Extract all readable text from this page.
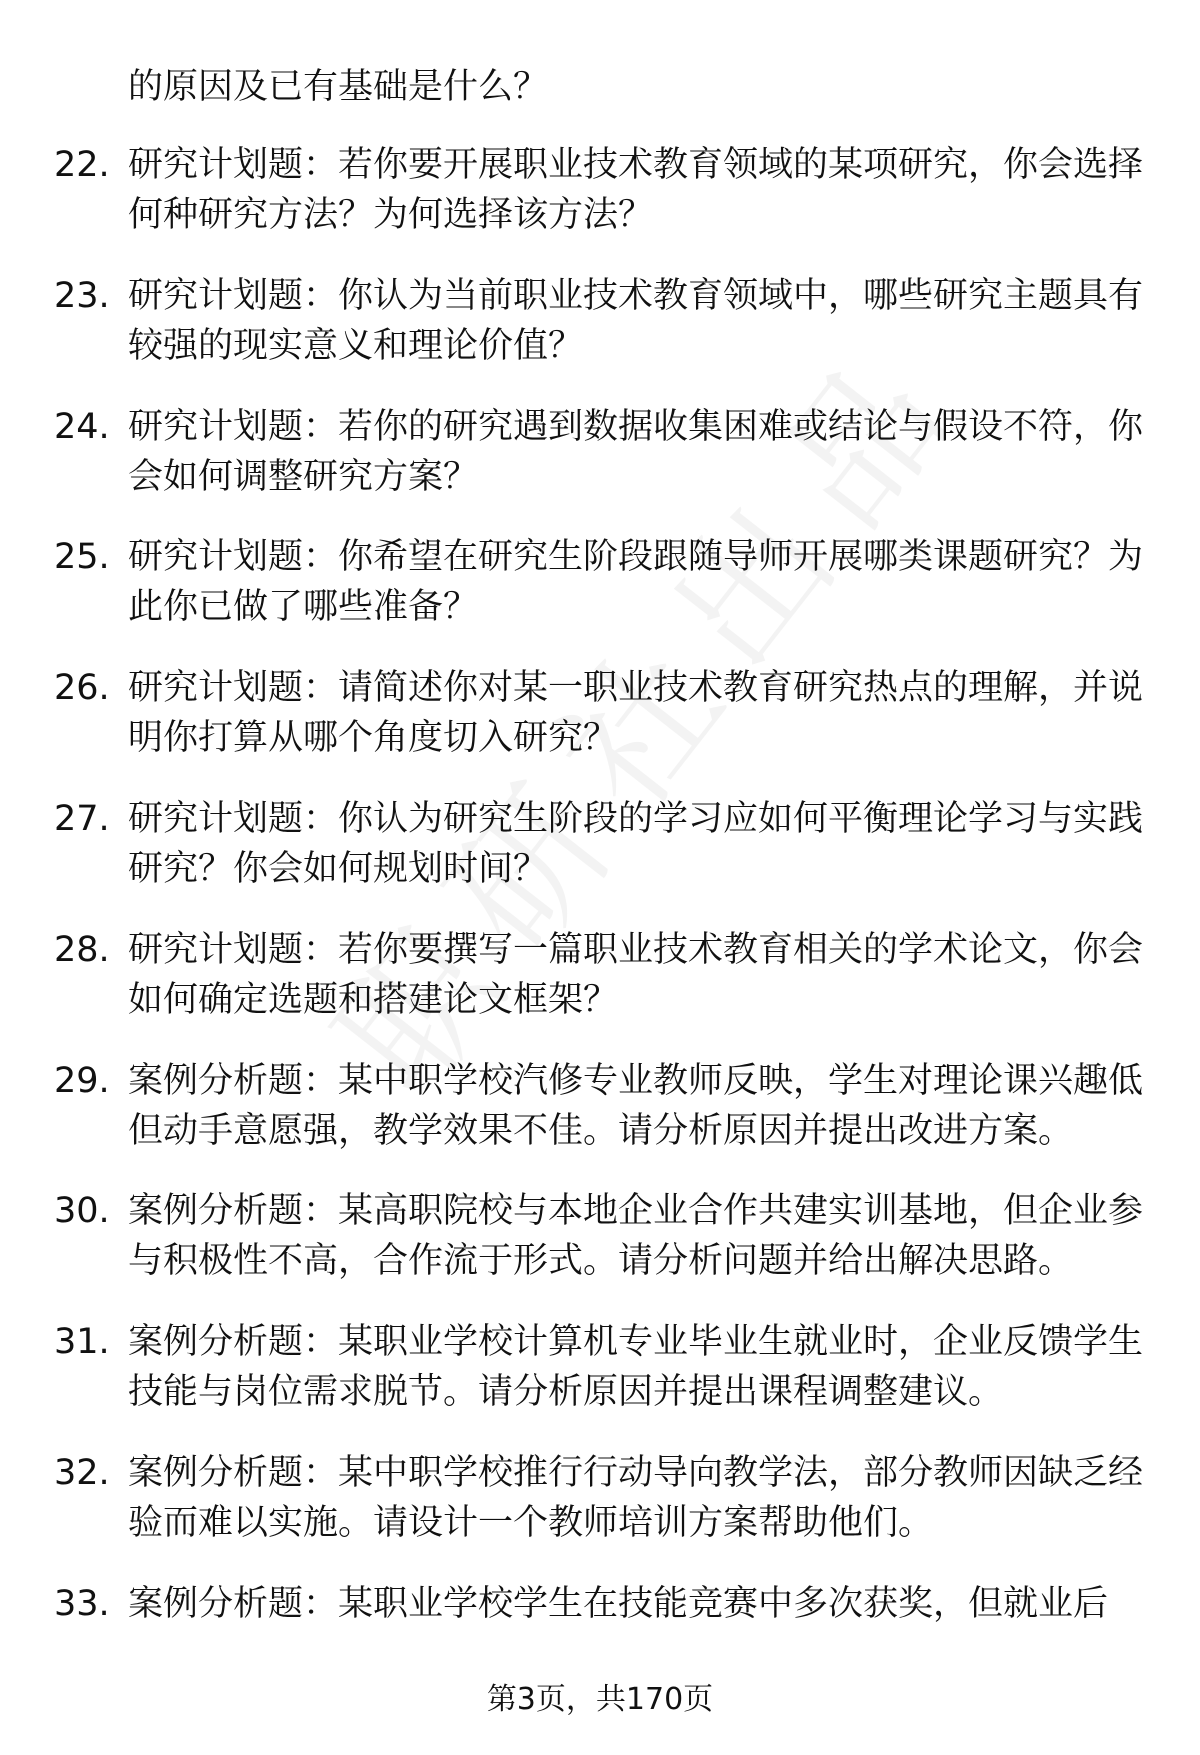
的原因及已有基础是什么？

22. 研究计划题：若你要开展职业技术教育领域的某项研究，你会选择何种研究方法？为何选择该方法？
23. 研究计划题：你认为当前职业技术教育领域中，哪些研究主题具有较强的现实意义和理论价值？
24. 研究计划题：若你的研究遇到数据收集困难或结论与假设不符，你会如何调整研究方案？
25. 研究计划题：你希望在研究生阶段跟随导师开展哪类课题研究？为此你已做了哪些准备？
26. 研究计划题：请简述你对某一职业技术教育研究热点的理解，并说明你打算从哪个角度切入研究？
27. 研究计划题：你认为研究生阶段的学习应如何平衡理论学习与实践研究？你会如何规划时间？
28. 研究计划题：若你要撰写一篇职业技术教育相关的学术论文，你会如何确定选题和搭建论文框架？
29. 案例分析题：某中职学校汽修专业教师反映，学生对理论课兴趣低但动手意愿强，教学效果不佳。请分析原因并提出改进方案。
30. 案例分析题：某高职院校与本地企业合作共建实训基地，但企业参与积极性不高，合作流于形式。请分析问题并给出解决思路。
31. 案例分析题：某职业学校计算机专业毕业生就业时，企业反馈学生技能与岗位需求脱节。请分析原因并提出课程调整建议。
32. 案例分析题：某中职学校推行行动导向教学法，部分教师因缺乏经验而难以实施。请设计一个教师培训方案帮助他们。
33. 案例分析题：某职业学校学生在技能竞赛中多次获奖，但就业后
第3页，共170页
